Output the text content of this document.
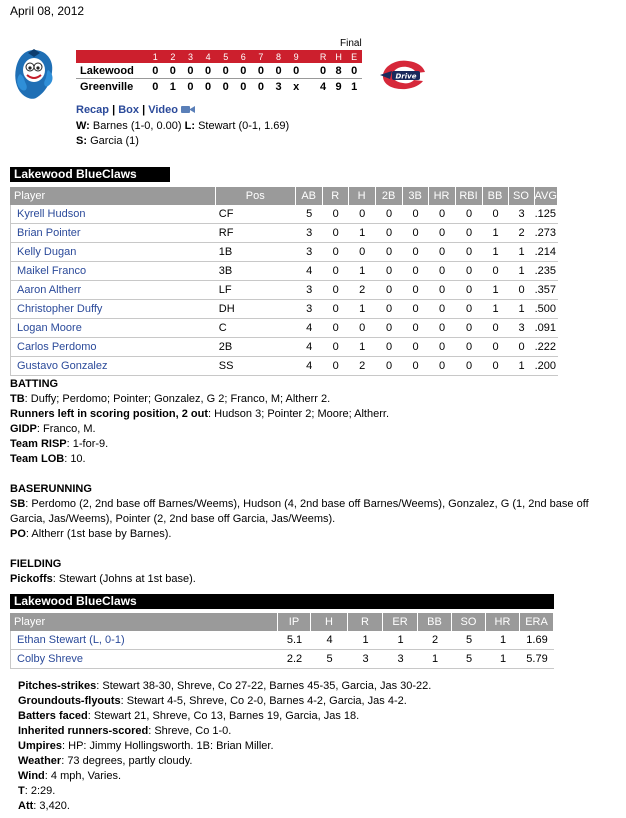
April 08, 2012
Final
	1	2	3	4	5	6	7	8	9		R	H	E
Lakewood	0	0	0	0	0	0	0	0	0		0	8	0
Greenville	0	1	0	0	0	0	0	3	x		4	9	1
Drive
Recap | Box | Video
W: Barnes (1-0, 0.00) L: Stewart (0-1, 1.69)
S: Garcia (1)
Lakewood BlueClaws
Player	Pos	AB	R	H	2B	3B	HR	RBI	BB	SO	AVG
Kyrell Hudson	CF	5	0	0	0	0	0	0	0	3	.125
Brian Pointer	RF	3	0	1	0	0	0	0	1	2	.273
Kelly Dugan	1B	3	0	0	0	0	0	0	1	1	.214
Maikel Franco	3B	4	0	1	0	0	0	0	0	1	.235
Aaron Altherr	LF	3	0	2	0	0	0	0	1	0	.357
Christopher Duffy	DH	3	0	1	0	0	0	0	1	1	.500
Logan Moore	C	4	0	0	0	0	0	0	0	3	.091
Carlos Perdomo	2B	4	0	1	0	0	0	0	0	0	.222
Gustavo Gonzalez	SS	4	0	2	0	0	0	0	0	1	.200
BATTING
TB: Duffy; Perdomo; Pointer; Gonzalez, G 2; Franco, M; Altherr 2.
Runners left in scoring position, 2 out: Hudson 3; Pointer 2; Moore; Altherr.
GIDP: Franco, M.
Team RISP: 1-for-9.
Team LOB: 10.
BASERUNNING
SB: Perdomo (2, 2nd base off Barnes/Weems), Hudson (4, 2nd base off Barnes/Weems), Gonzalez, G (1, 2nd base off Garcia, Jas/Weems), Pointer (2, 2nd base off Garcia, Jas/Weems).
PO: Altherr (1st base by Barnes).
FIELDING
Pickoffs: Stewart (Johns at 1st base).
Lakewood BlueClaws
Player	IP	H	R	ER	BB	SO	HR	ERA
Ethan Stewart (L, 0-1)	5.1	4	1	1	2	5	1	1.69
Colby Shreve	2.2	5	3	3	1	5	1	5.79
Pitches-strikes: Stewart 38-30, Shreve, Co 27-22, Barnes 45-35, Garcia, Jas 30-22.
Groundouts-flyouts: Stewart 4-5, Shreve, Co 2-0, Barnes 4-2, Garcia, Jas 4-2.
Batters faced: Stewart 21, Shreve, Co 13, Barnes 19, Garcia, Jas 18.
Inherited runners-scored: Shreve, Co 1-0.
Umpires: HP: Jimmy Hollingsworth. 1B: Brian Miller.
Weather: 73 degrees, partly cloudy.
Wind: 4 mph, Varies.
T: 2:29.
Att: 3,420.
